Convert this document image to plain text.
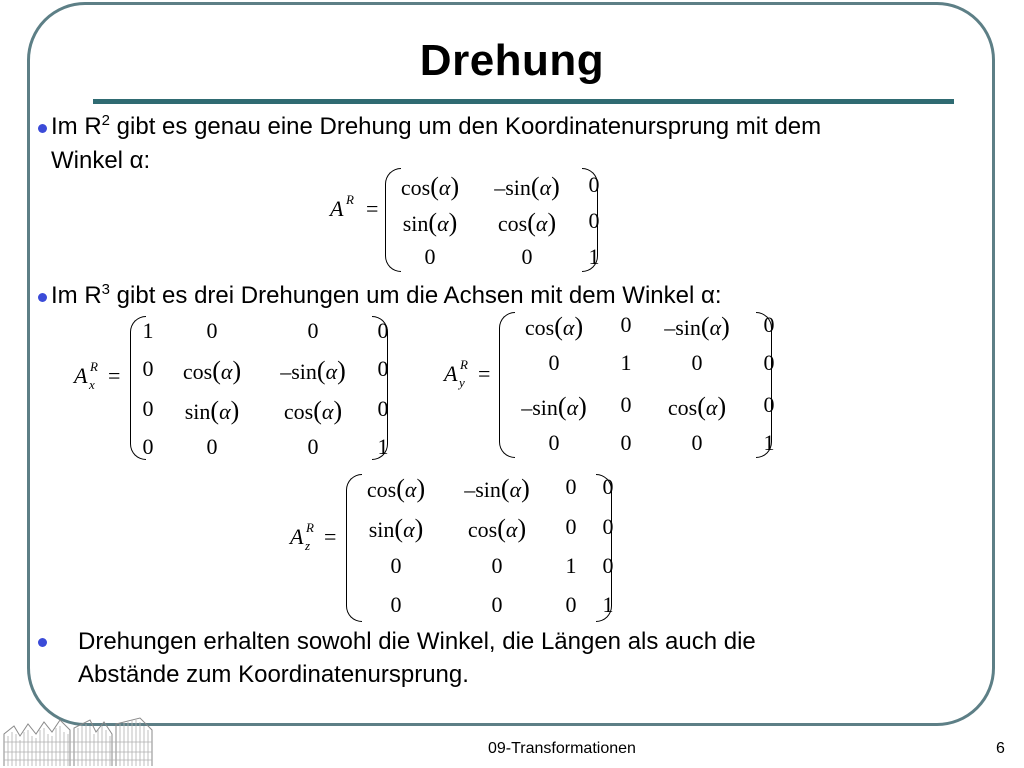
Drehung
Im $R^2$ gibt es genau eine Drehung um den Koordinatenursprung mit dem
Winkel α:
A R =
cos(α) –sin(α) 0
sin(α) cos(α) 0
0	0	1
Im $R^3$ gibt es drei Drehungen um die Achsen mit dem Winkel α:
A R
x =
1 0	0	0
0 cos(α) –sin(α) 0
0 sin(α) cos(α) 0
0 0	0	1
A R
y =
cos(α) 0 –sin(α) 0
0	1	0	0
–sin(α) 0 cos(α) 0
0	0	0	1
A R
z =
cos(α) –sin(α) 0 0
sin(α) cos(α) 0 0
0	0	1 0
0	0	0 1
Drehungen erhalten sowohl die Winkel, die Längen als auch die
Abstände zum Koordinatenursprung.
09-Transformationen	6
